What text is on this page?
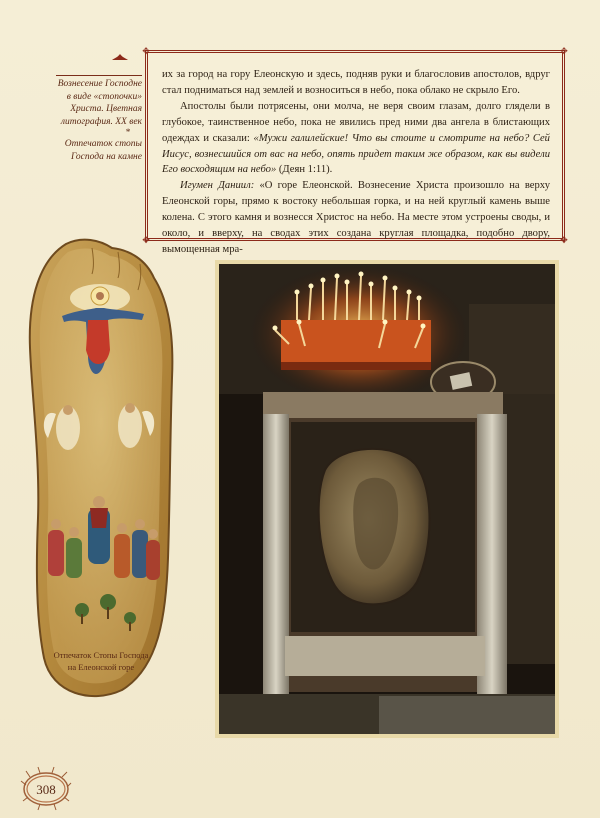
Вознесение Господне
в виде «стопочки»
Христа. Цветная
литография. XX век
*
Отпечаток стопы
Господа на камне
✥	✥
✥	✥

их за город на гору Елеонскую и здесь, подняв руки и благословив апостолов, вдруг стал подниматься над землей и возноситься в небо, пока облако не скрыло Его.

Апостолы были потрясены, они молча, не веря своим глазам, долго глядели в глубокое, таинственное небо, пока не явились пред ними два ангела в блистающих одеждах и сказали: «Мужи галилейские! Что вы стоите и смотрите на небо? Сей Иисус, вознесшийся от вас на небо, опять придет таким же образом, как вы видели Его восходящим на небо» (Деян 1:11).

Игумен Даниил: «О горе Елеонской. Вознесение Христа произошло на верху Елеонской горы, прямо к востоку небольшая горка, и на ней круглый камень выше колена. С этого камня и вознесся Христос на небо. На месте этом устроены своды, и около, и вверху, на сводах этих создана круглая площадка, подобно двору, вымощенная мра-

Отпечаток Стопы Господа
на Елеонской горе
308
